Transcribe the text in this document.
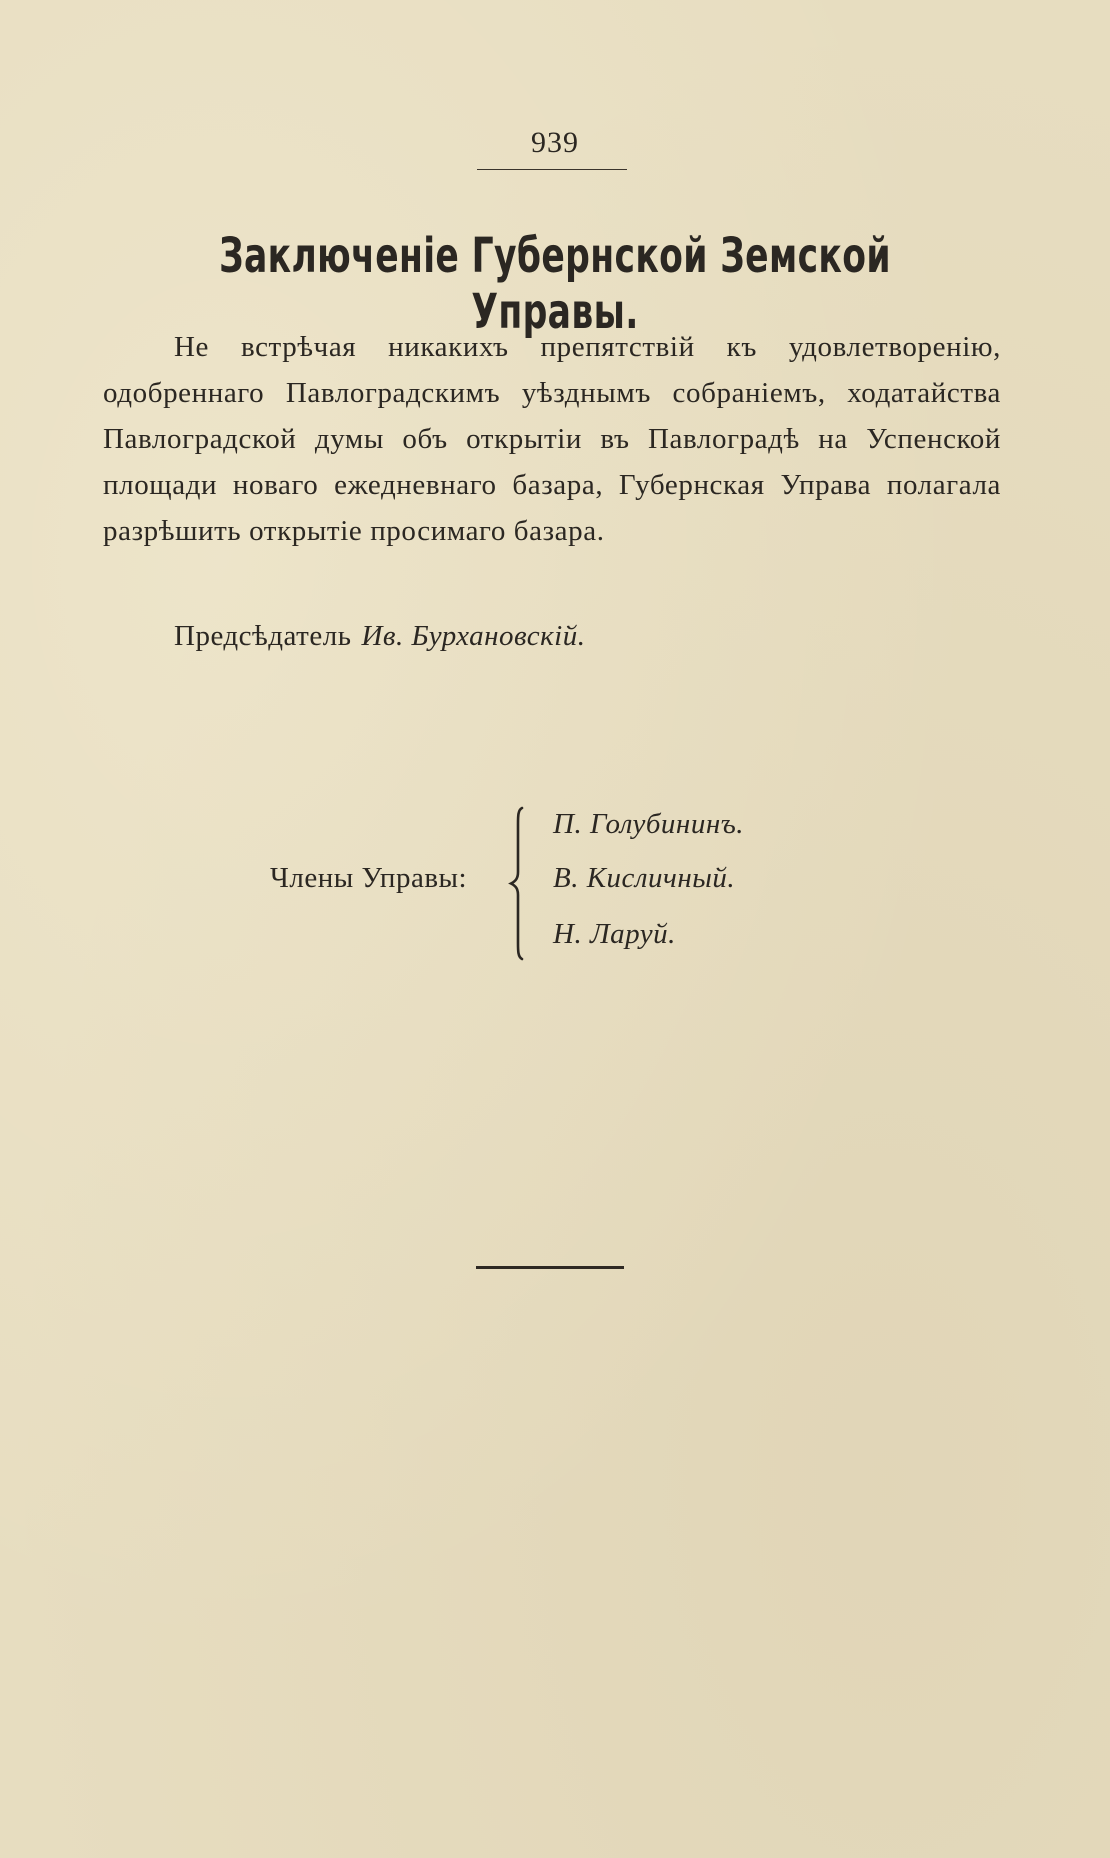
939
Заключеніе Губернской Земской Управы.

Не встрѣчая никакихъ препятствій къ удовлетворенію, одобреннаго Павлоградскимъ уѣзднымъ собраніемъ, ходатайства Павлоградской думы объ открытіи въ Павлоградѣ на Успенской площади новаго ежедневнаго базара, Губернская Управа полагала разрѣшить открытіе просимаго базара.

Предсѣдатель Ив. Бурхановскій.
Члены Управы:
П. Голубининъ.
В. Кисличный.
Н. Ларуй.
